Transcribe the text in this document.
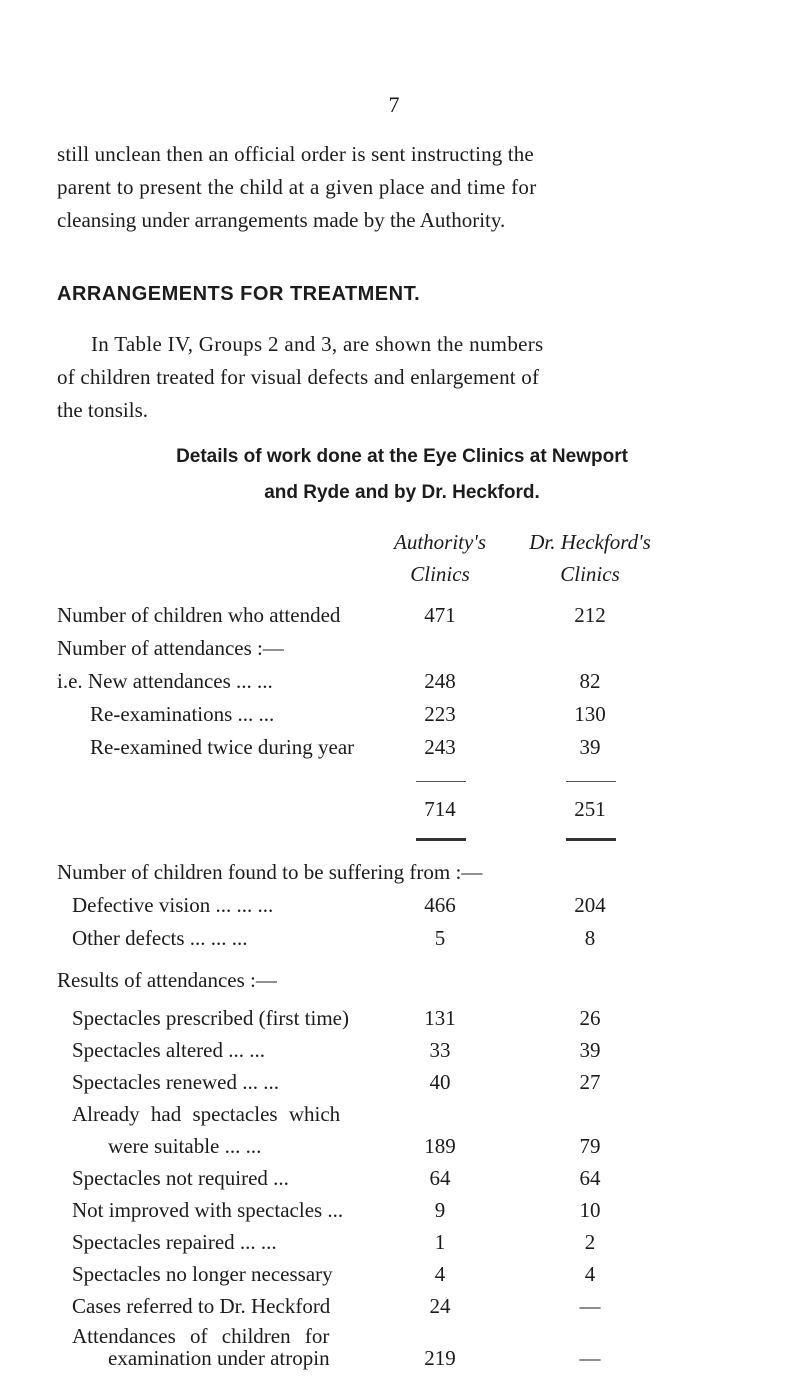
7
still unclean then an official order is sent instructing the
parent to present the child at a given place and time for
cleansing under arrangements made by the Authority.
ARRANGEMENTS FOR TREATMENT.
In Table IV, Groups 2 and 3, are shown the numbers
of children treated for visual defects and enlargement of
the tonsils.
Details of work done at the Eye Clinics at Newport
and Ryde and by Dr. Heckford.
Authority's
Clinics
Dr. Heckford's
Clinics
Number of children who attended	471	212
Number of attendances :—
i.e. New attendances ... ...	248	82
Re-examinations ... ...	223	130
Re-examined twice during year	243	39
714	251
Number of children found to be suffering from :—
Defective vision ... ... ...	466	204
Other defects ... ... ...	5	8
Results of attendances :—
Spectacles prescribed (first time)	131	26
Spectacles altered ... ...	33	39
Spectacles renewed ... ...	40	27
Already had spectacles which
were suitable ... ...	189	79
Spectacles not required ...	64	64
Not improved with spectacles ...	9	10
Spectacles repaired ... ...	1	2
Spectacles no longer necessary	4	4
Cases referred to Dr. Heckford	24	—
Attendances of children for
examination under atropin	219	—
